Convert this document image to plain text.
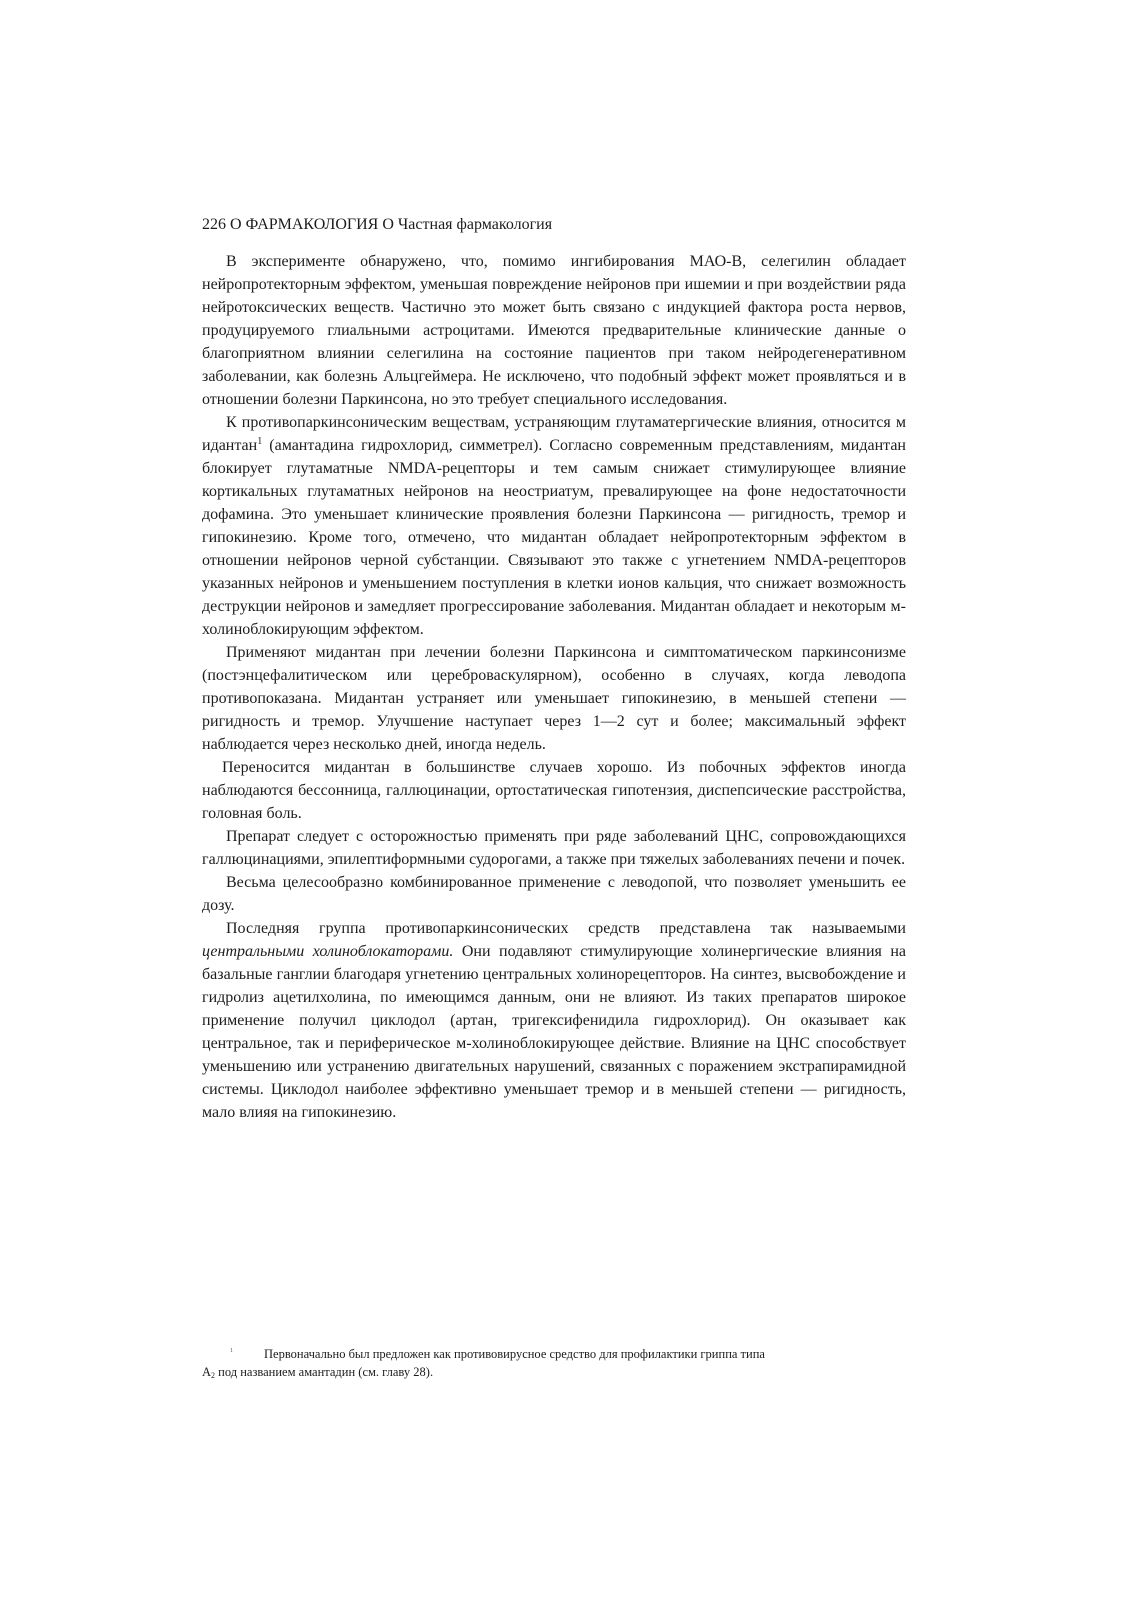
226 О ФАРМАКОЛОГИЯ О Частная фармакология

В эксперименте обнаружено, что, помимо ингибирования МАО-В, селегилин обладает нейропротекторным эффектом, уменьшая повреждение нейронов при ишемии и при воздействии ряда нейротоксических веществ. Частично это может быть связано с индукцией фактора роста нервов, продуцируемого глиальными астроцитами. Имеются предварительные клинические данные о благоприятном влиянии селегилина на состояние пациентов при таком нейродегенеративном заболевании, как болезнь Альцгеймера. Не исключено, что подобный эффект может проявляться и в отношении болезни Паркинсона, но это требует специального исследования.

К противопаркинсоническим веществам, устраняющим глутаматергические влияния, относится м идантан$^1$ (амантадина гидрохлорид, симметрел). Согласно современным представлениям, мидантан блокирует глутаматные NMDA-рецепторы и тем самым снижает стимулирующее влияние кортикальных глутаматных нейронов на неостриатум, превалирующее на фоне недостаточности дофамина. Это уменьшает клинические проявления болезни Паркинсона — ригидность, тремор и гипокинезию. Кроме того, отмечено, что мидантан обладает нейропротекторным эффектом в отношении нейронов черной субстанции. Связывают это также с угнетением NMDA-рецепторов указанных нейронов и уменьшением поступления в клетки ионов кальция, что снижает возможность деструкции нейронов и замедляет прогрессирование заболевания. Мидантан обладает и некоторым м-холиноблокирующим эффектом.

Применяют мидантан при лечении болезни Паркинсона и симптоматическом паркинсонизме (постэнцефалитическом или цереброваскулярном), особенно в случаях, когда леводопа противопоказана. Мидантан устраняет или уменьшает гипокинезию, в меньшей степени — ригидность и тремор. Улучшение наступает через 1—2 сут и более; максимальный эффект наблюдается через несколько дней, иногда недель.

Переносится мидантан в большинстве случаев хорошо. Из побочных эффектов иногда наблюдаются бессонница, галлюцинации, ортостатическая гипотензия, диспепсические расстройства, головная боль.

Препарат следует с осторожностью применять при ряде заболеваний ЦНС, сопровождающихся галлюцинациями, эпилептиформными судорогами, а также при тяжелых заболеваниях печени и почек.

Весьма целесообразно комбинированное применение с леводопой, что позволяет уменьшить ее дозу.

Последняя группа противопаркинсонических средств представлена так называемыми центральными холиноблокаторами. Они подавляют стимулирующие холинергические влияния на базальные ганглии благодаря угнетению центральных холинорецепторов. На синтез, высвобождение и гидролиз ацетилхолина, по имеющимся данным, они не влияют. Из таких препаратов широкое применение получил циклодол (артан, тригексифенидила гидрохлорид). Он оказывает как центральное, так и периферическое м-холиноблокирующее действие. Влияние на ЦНС способствует уменьшению или устранению двигательных нарушений, связанных с поражением экстрапирамидной системы. Циклодол наиболее эффективно уменьшает тремор и в меньшей степени — ригидность, мало влияя на гипокинезию.

1	Первоначально был предложен как противовирусное средство для профилактики гриппа типа
$А_2$ под названием амантадин (см. главу 28).
